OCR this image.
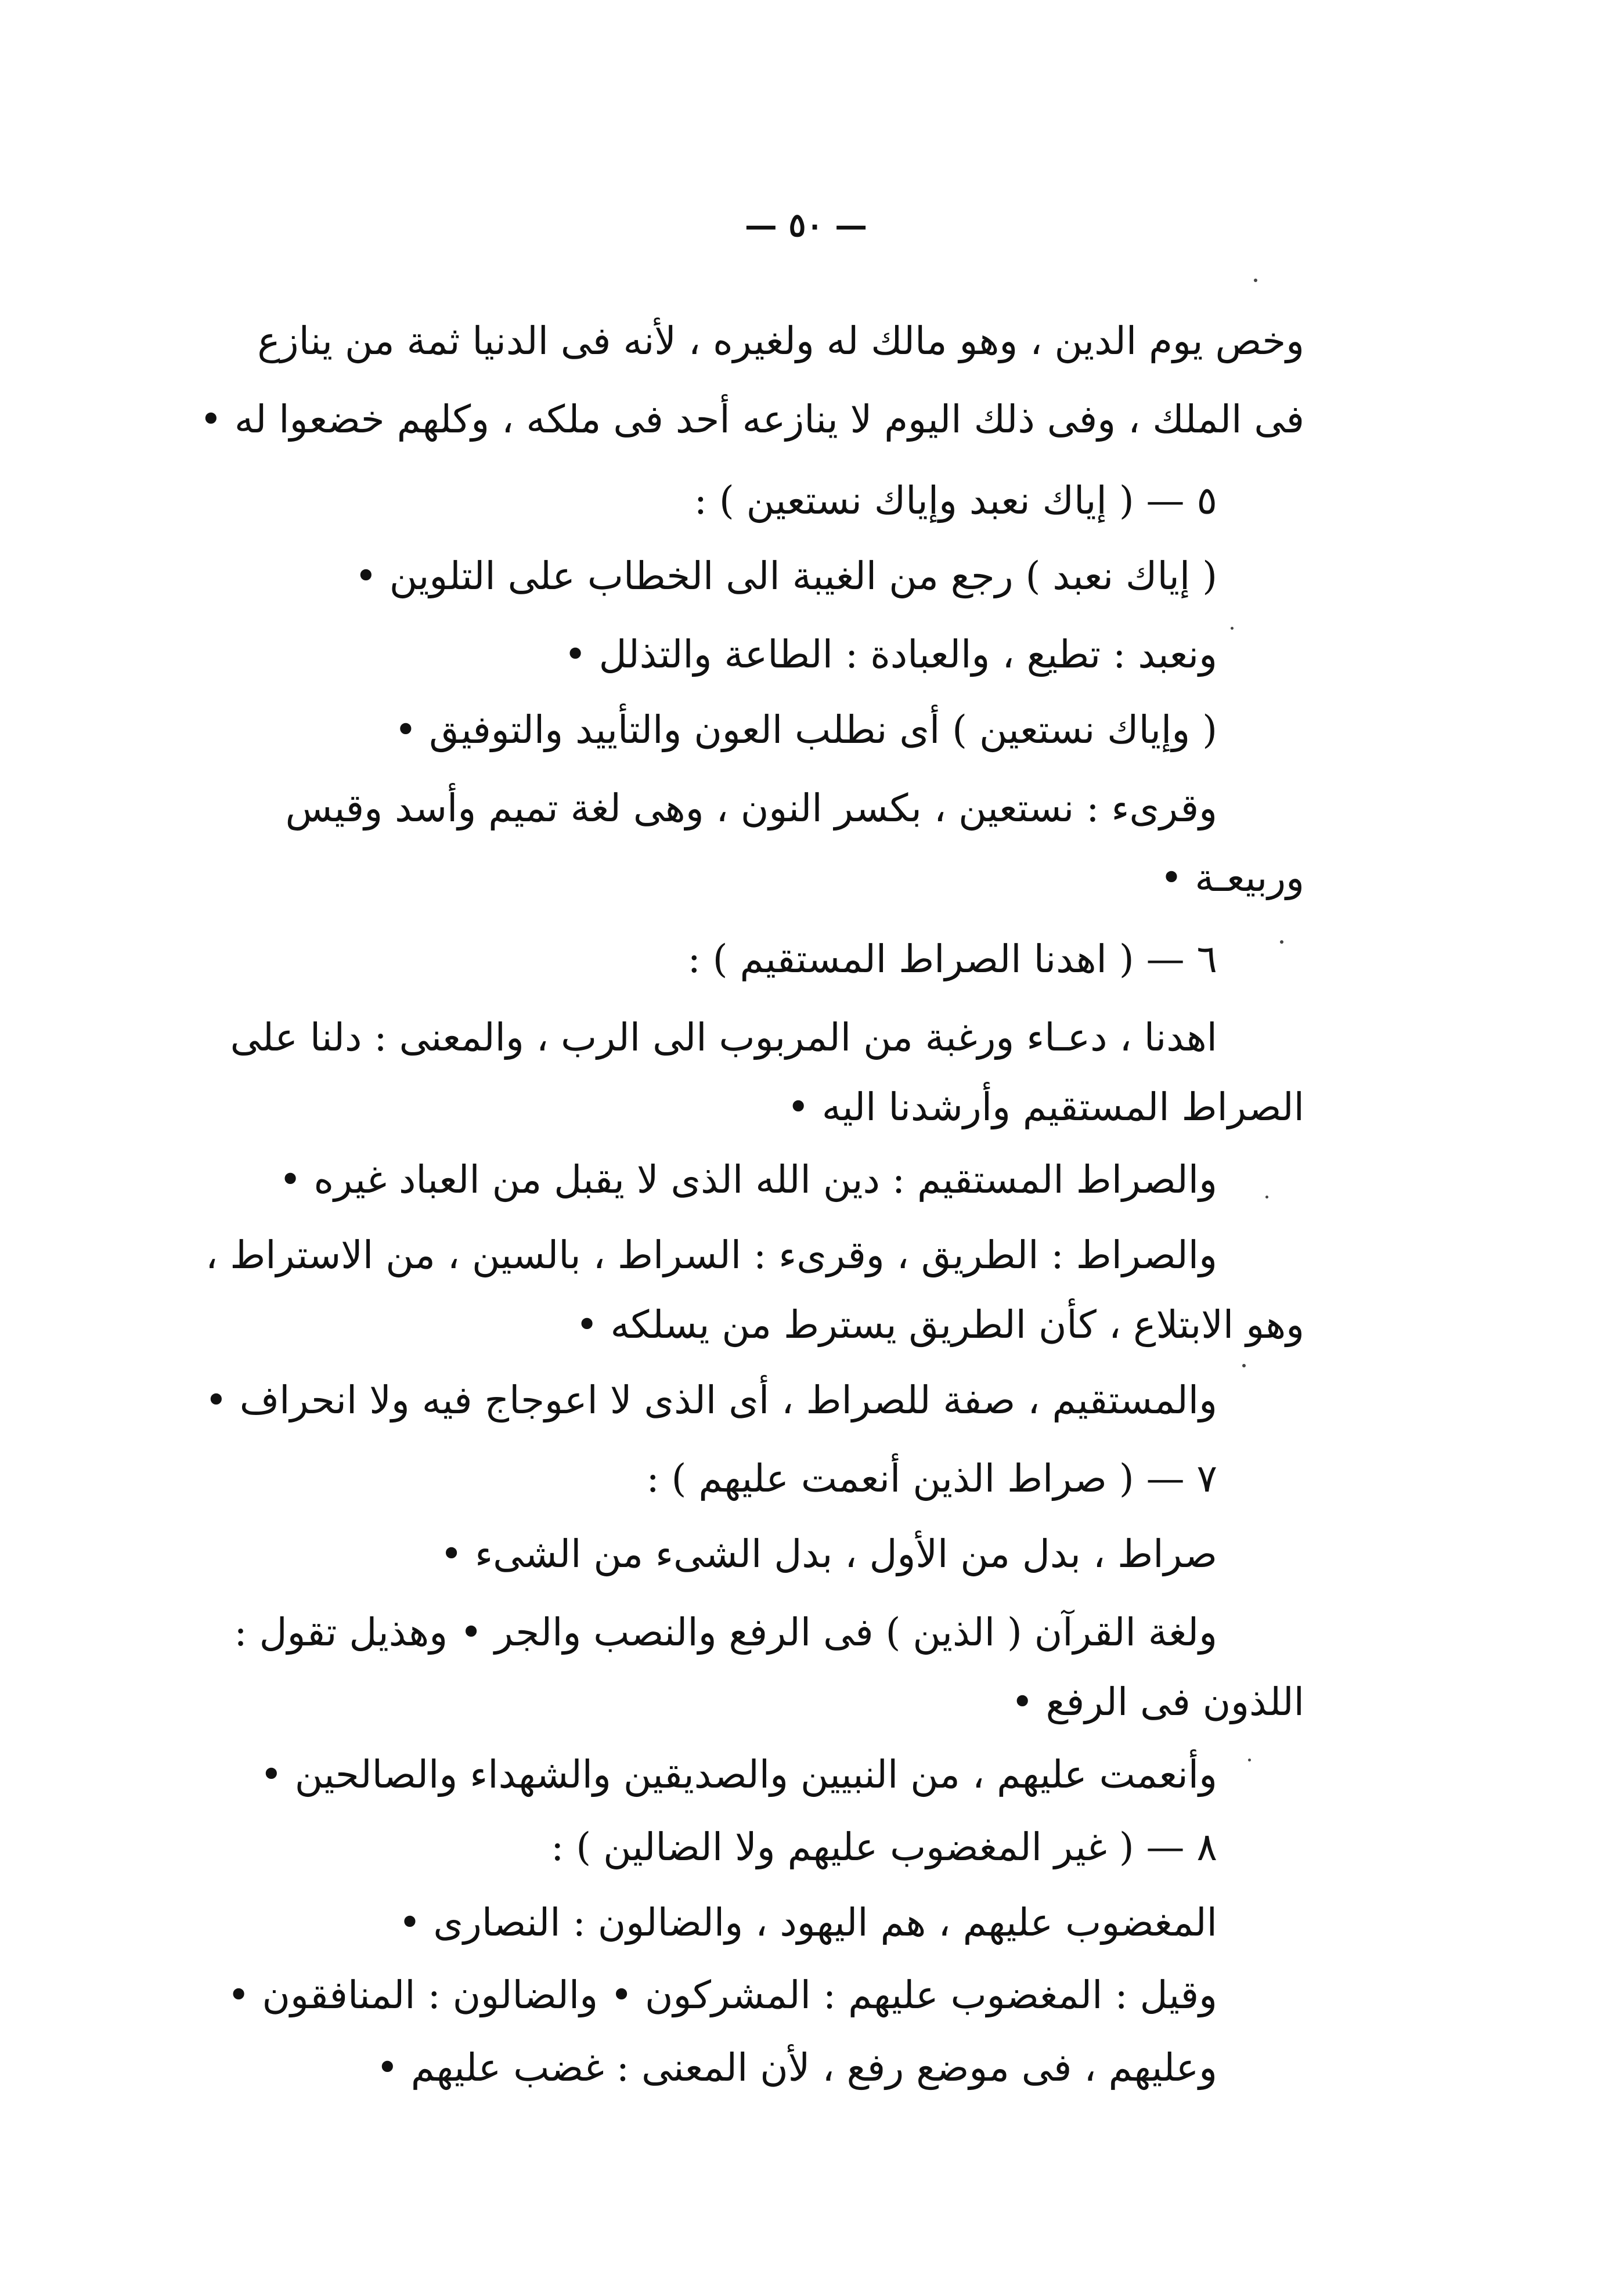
— ٥٠ —
وخص يوم الدين ، وهو مالك له ولغيره ، لأنه فى الدنيا ثمة من ينازع
فى الملك ، وفى ذلك اليوم لا ينازعه أحد فى ملكه ، وكلهم خضعوا له •
٥ — ( إياك نعبد وإياك نستعين ) :
( إياك نعبد ) رجع من الغيبة الى الخطاب على التلوين •
ونعبد : تطيع ، والعبادة : الطاعة والتذلل •
( وإياك نستعين ) أى نطلب العون والتأييد والتوفيق •
وقرىء : نستعين ، بكسر النون ، وهى لغة تميم وأسد وقيس
وربيعـة •
٦ — ( اهدنا الصراط المستقيم ) :
اهدنا ، دعـاء ورغبة من المربوب الى الرب ، والمعنى : دلنا على
الصراط المستقيم وأرشدنا اليه •
والصراط المستقيم : دين الله الذى لا يقبل من العباد غيره •
والصراط : الطريق ، وقرىء : السراط ، بالسين ، من الاستراط ،
وهو الابتلاع ، كأن الطريق يسترط من يسلكه •
والمستقيم ، صفة للصراط ، أى الذى لا اعوجاج فيه ولا انحراف •
٧ — ( صراط الذين أنعمت عليهم ) :
صراط ، بدل من الأول ، بدل الشىء من الشىء •
ولغة القرآن ( الذين ) فى الرفع والنصب والجر • وهذيل تقول :
اللذون فى الرفع •
وأنعمت عليهم ، من النبيين والصديقين والشهداء والصالحين •
٨ — ( غير المغضوب عليهم ولا الضالين ) :
المغضوب عليهم ، هم اليهود ، والضالون : النصارى •
وقيل : المغضوب عليهم : المشركون • والضالون : المنافقون •
وعليهم ، فى موضع رفع ، لأن المعنى : غضب عليهم •
